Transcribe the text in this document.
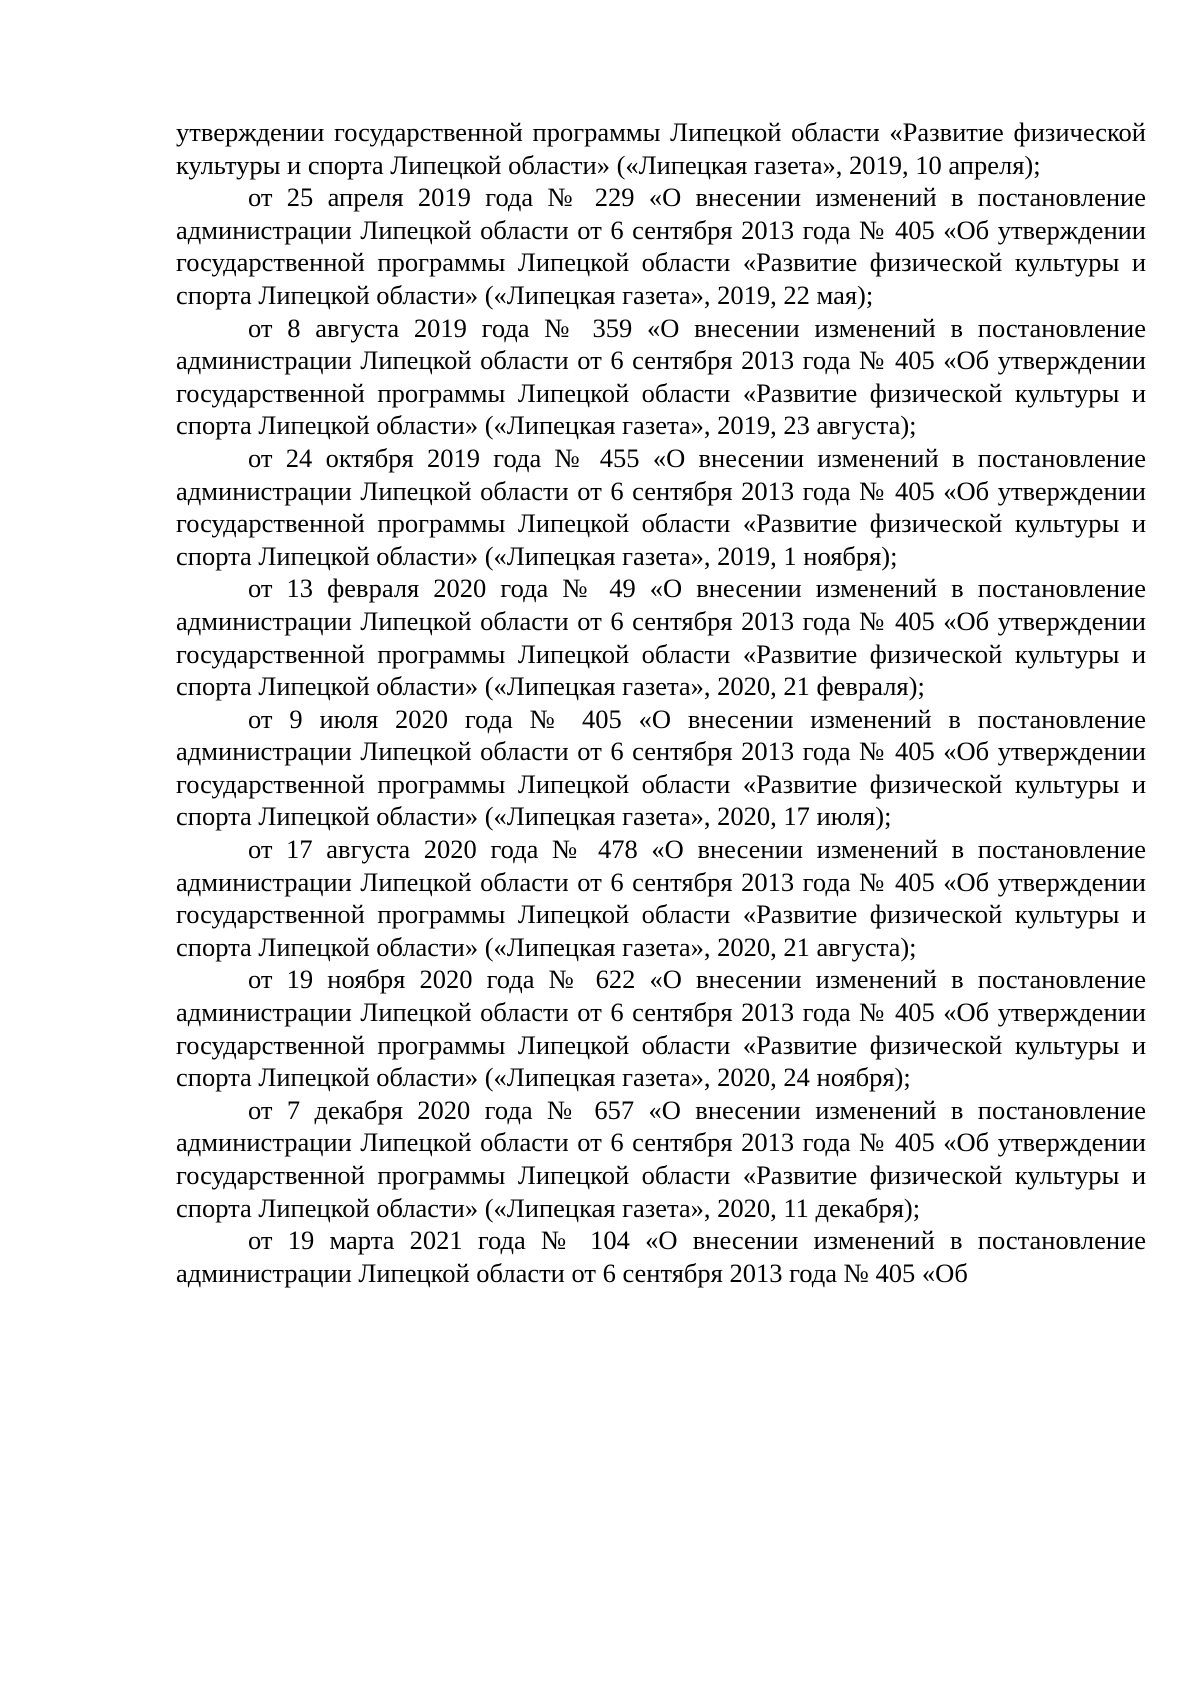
утверждении государственной программы Липецкой области «Развитие физической культуры и спорта Липецкой области» («Липецкая газета», 2019, 10 апреля);

от 25 апреля 2019 года № 229 «О внесении изменений в постановление администрации Липецкой области от 6 сентября 2013 года № 405 «Об утверждении государственной программы Липецкой области «Развитие физической культуры и спорта Липецкой области» («Липецкая газета», 2019, 22 мая);

от 8 августа 2019 года № 359 «О внесении изменений в постановление администрации Липецкой области от 6 сентября 2013 года № 405 «Об утверждении государственной программы Липецкой области «Развитие физической культуры и спорта Липецкой области» («Липецкая газета», 2019, 23 августа);

от 24 октября 2019 года № 455 «О внесении изменений в постановление администрации Липецкой области от 6 сентября 2013 года № 405 «Об утверждении государственной программы Липецкой области «Развитие физической культуры и спорта Липецкой области» («Липецкая газета», 2019, 1 ноября);

от 13 февраля 2020 года № 49 «О внесении изменений в постановление администрации Липецкой области от 6 сентября 2013 года № 405 «Об утверждении государственной программы Липецкой области «Развитие физической культуры и спорта Липецкой области» («Липецкая газета», 2020, 21 февраля);

от 9 июля 2020 года № 405 «О внесении изменений в постановление администрации Липецкой области от 6 сентября 2013 года № 405 «Об утверждении государственной программы Липецкой области «Развитие физической культуры и спорта Липецкой области» («Липецкая газета», 2020, 17 июля);

от 17 августа 2020 года № 478 «О внесении изменений в постановление администрации Липецкой области от 6 сентября 2013 года № 405 «Об утверждении государственной программы Липецкой области «Развитие физической культуры и спорта Липецкой области» («Липецкая газета», 2020, 21 августа);

от 19 ноября 2020 года № 622 «О внесении изменений в постановление администрации Липецкой области от 6 сентября 2013 года № 405 «Об утверждении государственной программы Липецкой области «Развитие физической культуры и спорта Липецкой области» («Липецкая газета», 2020, 24 ноября);

от 7 декабря 2020 года № 657 «О внесении изменений в постановление администрации Липецкой области от 6 сентября 2013 года № 405 «Об утверждении государственной программы Липецкой области «Развитие физической культуры и спорта Липецкой области» («Липецкая газета», 2020, 11 декабря);

от 19 марта 2021 года № 104 «О внесении изменений в постановление администрации Липецкой области от 6 сентября 2013 года № 405 «Об
